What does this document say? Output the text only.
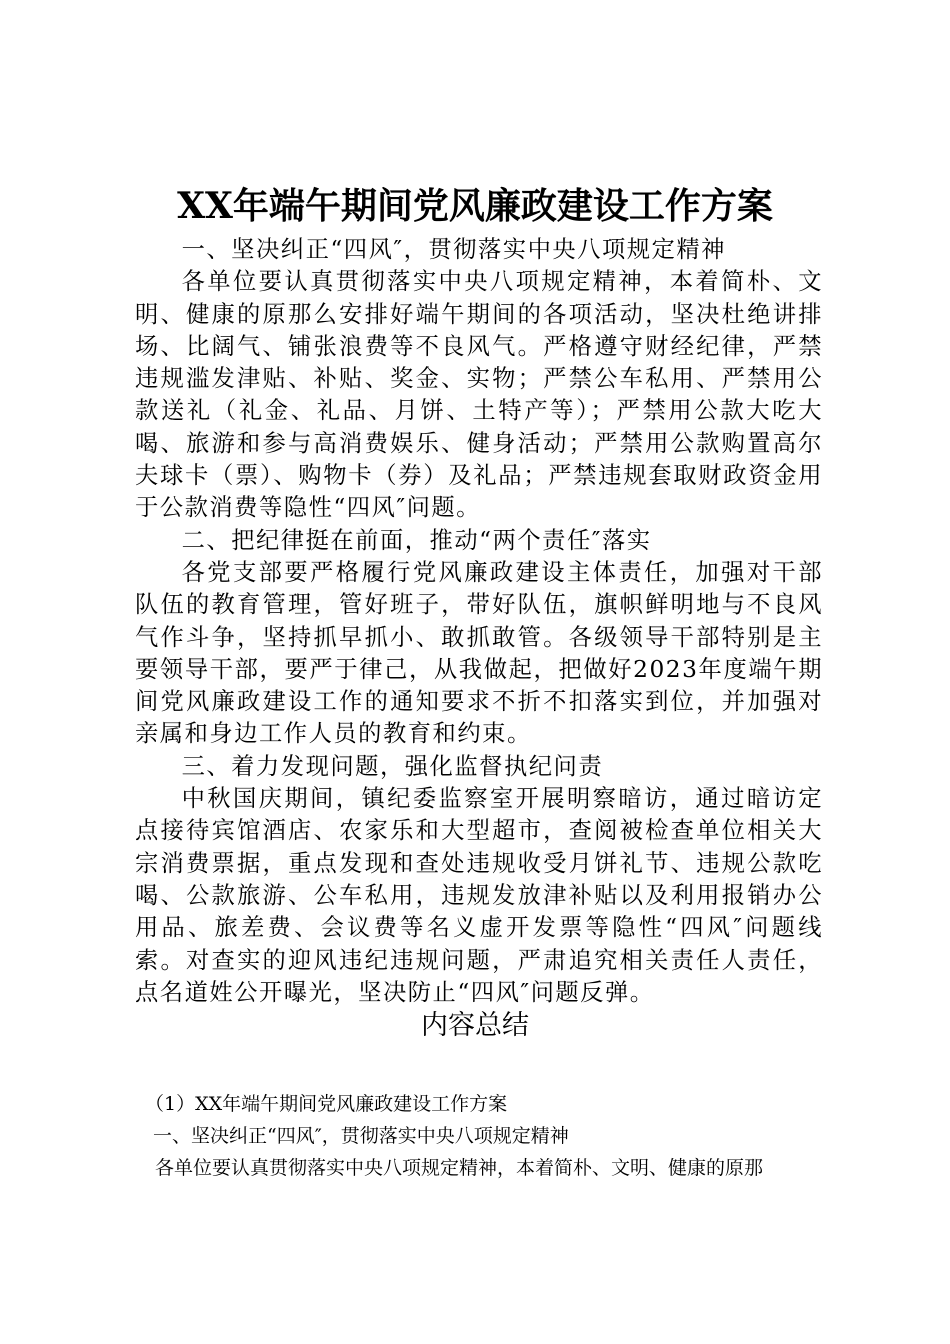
XX年端午期间党风廉政建设工作方案

一、坚决纠正“四风″，贯彻落实中央八项规定精神

各单位要认真贯彻落实中央八项规定精神，本着简朴、文明、健康的原那么安排好端午期间的各项活动，坚决杜绝讲排场、比阔气、铺张浪费等不良风气。严格遵守财经纪律，严禁违规滥发津贴、补贴、奖金、实物；严禁公车私用、严禁用公款送礼（礼金、礼品、月饼、土特产等）；严禁用公款大吃大喝、旅游和参与高消费娱乐、健身活动；严禁用公款购置高尔夫球卡（票）、购物卡（券）及礼品；严禁违规套取财政资金用于公款消费等隐性“四风″问题。

二、把纪律挺在前面，推动“两个责任″落实

各党支部要严格履行党风廉政建设主体责任，加强对干部队伍的教育管理，管好班子，带好队伍，旗帜鲜明地与不良风气作斗争，坚持抓早抓小、敢抓敢管。各级领导干部特别是主要领导干部，要严于律己，从我做起，把做好2023年度端午期间党风廉政建设工作的通知要求不折不扣落实到位，并加强对亲属和身边工作人员的教育和约束。

三、着力发现问题，强化监督执纪问责

中秋国庆期间，镇纪委监察室开展明察暗访，通过暗访定点接待宾馆酒店、农家乐和大型超市，查阅被检查单位相关大宗消费票据，重点发现和查处违规收受月饼礼节、违规公款吃喝、公款旅游、公车私用，违规发放津补贴以及利用报销办公用品、旅差费、会议费等名义虚开发票等隐性“四风″问题线索。对查实的迎风违纪违规问题，严肃追究相关责任人责任，点名道姓公开曝光，坚决防止“四风″问题反弹。

内容总结

（1）XX年端午期间党风廉政建设工作方案

一、坚决纠正“四风″，贯彻落实中央八项规定精神

各单位要认真贯彻落实中央八项规定精神，本着简朴、文明、健康的原那
